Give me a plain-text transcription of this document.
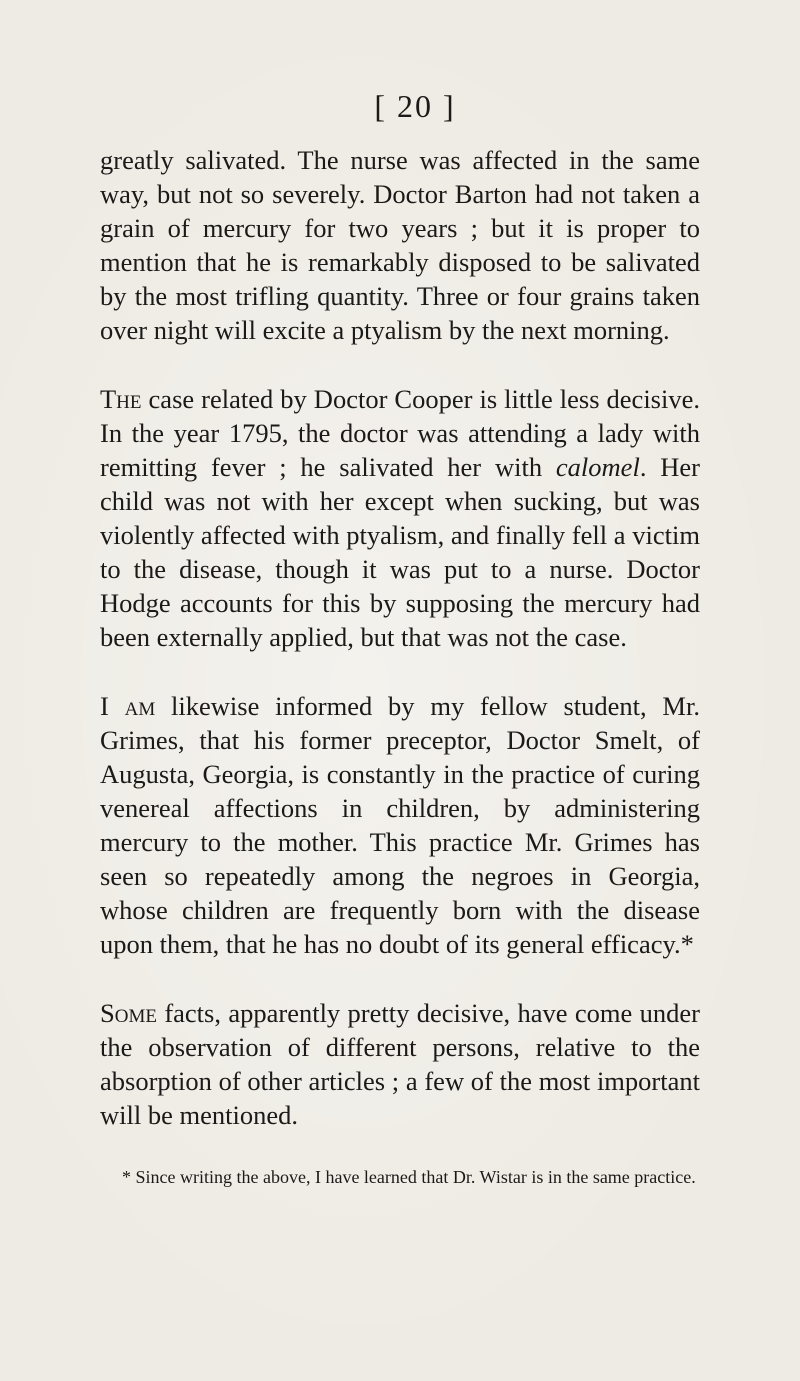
[ 20 ]

greatly salivated. The nurse was affected in the same way, but not so severely. Doctor Barton had not taken a grain of mercury for two years ; but it is proper to mention that he is remarkably disposed to be salivated by the most trifling quantity. Three or four grains taken over night will excite a ptyalism by the next morning.

The case related by Doctor Cooper is little less decisive. In the year 1795, the doctor was attending a lady with remitting fever ; he salivated her with calomel. Her child was not with her except when sucking, but was violently affected with ptyalism, and finally fell a victim to the disease, though it was put to a nurse. Doctor Hodge accounts for this by supposing the mercury had been externally applied, but that was not the case.

I am likewise informed by my fellow student, Mr. Grimes, that his former preceptor, Doctor Smelt, of Augusta, Georgia, is constantly in the practice of curing venereal affections in children, by administering mercury to the mother. This practice Mr. Grimes has seen so repeatedly among the negroes in Georgia, whose children are frequently born with the disease upon them, that he has no doubt of its general efficacy.*

Some facts, apparently pretty decisive, have come under the observation of different persons, relative to the absorption of other articles ; a few of the most important will be mentioned.

* Since writing the above, I have learned that Dr. Wistar is in the same practice.
